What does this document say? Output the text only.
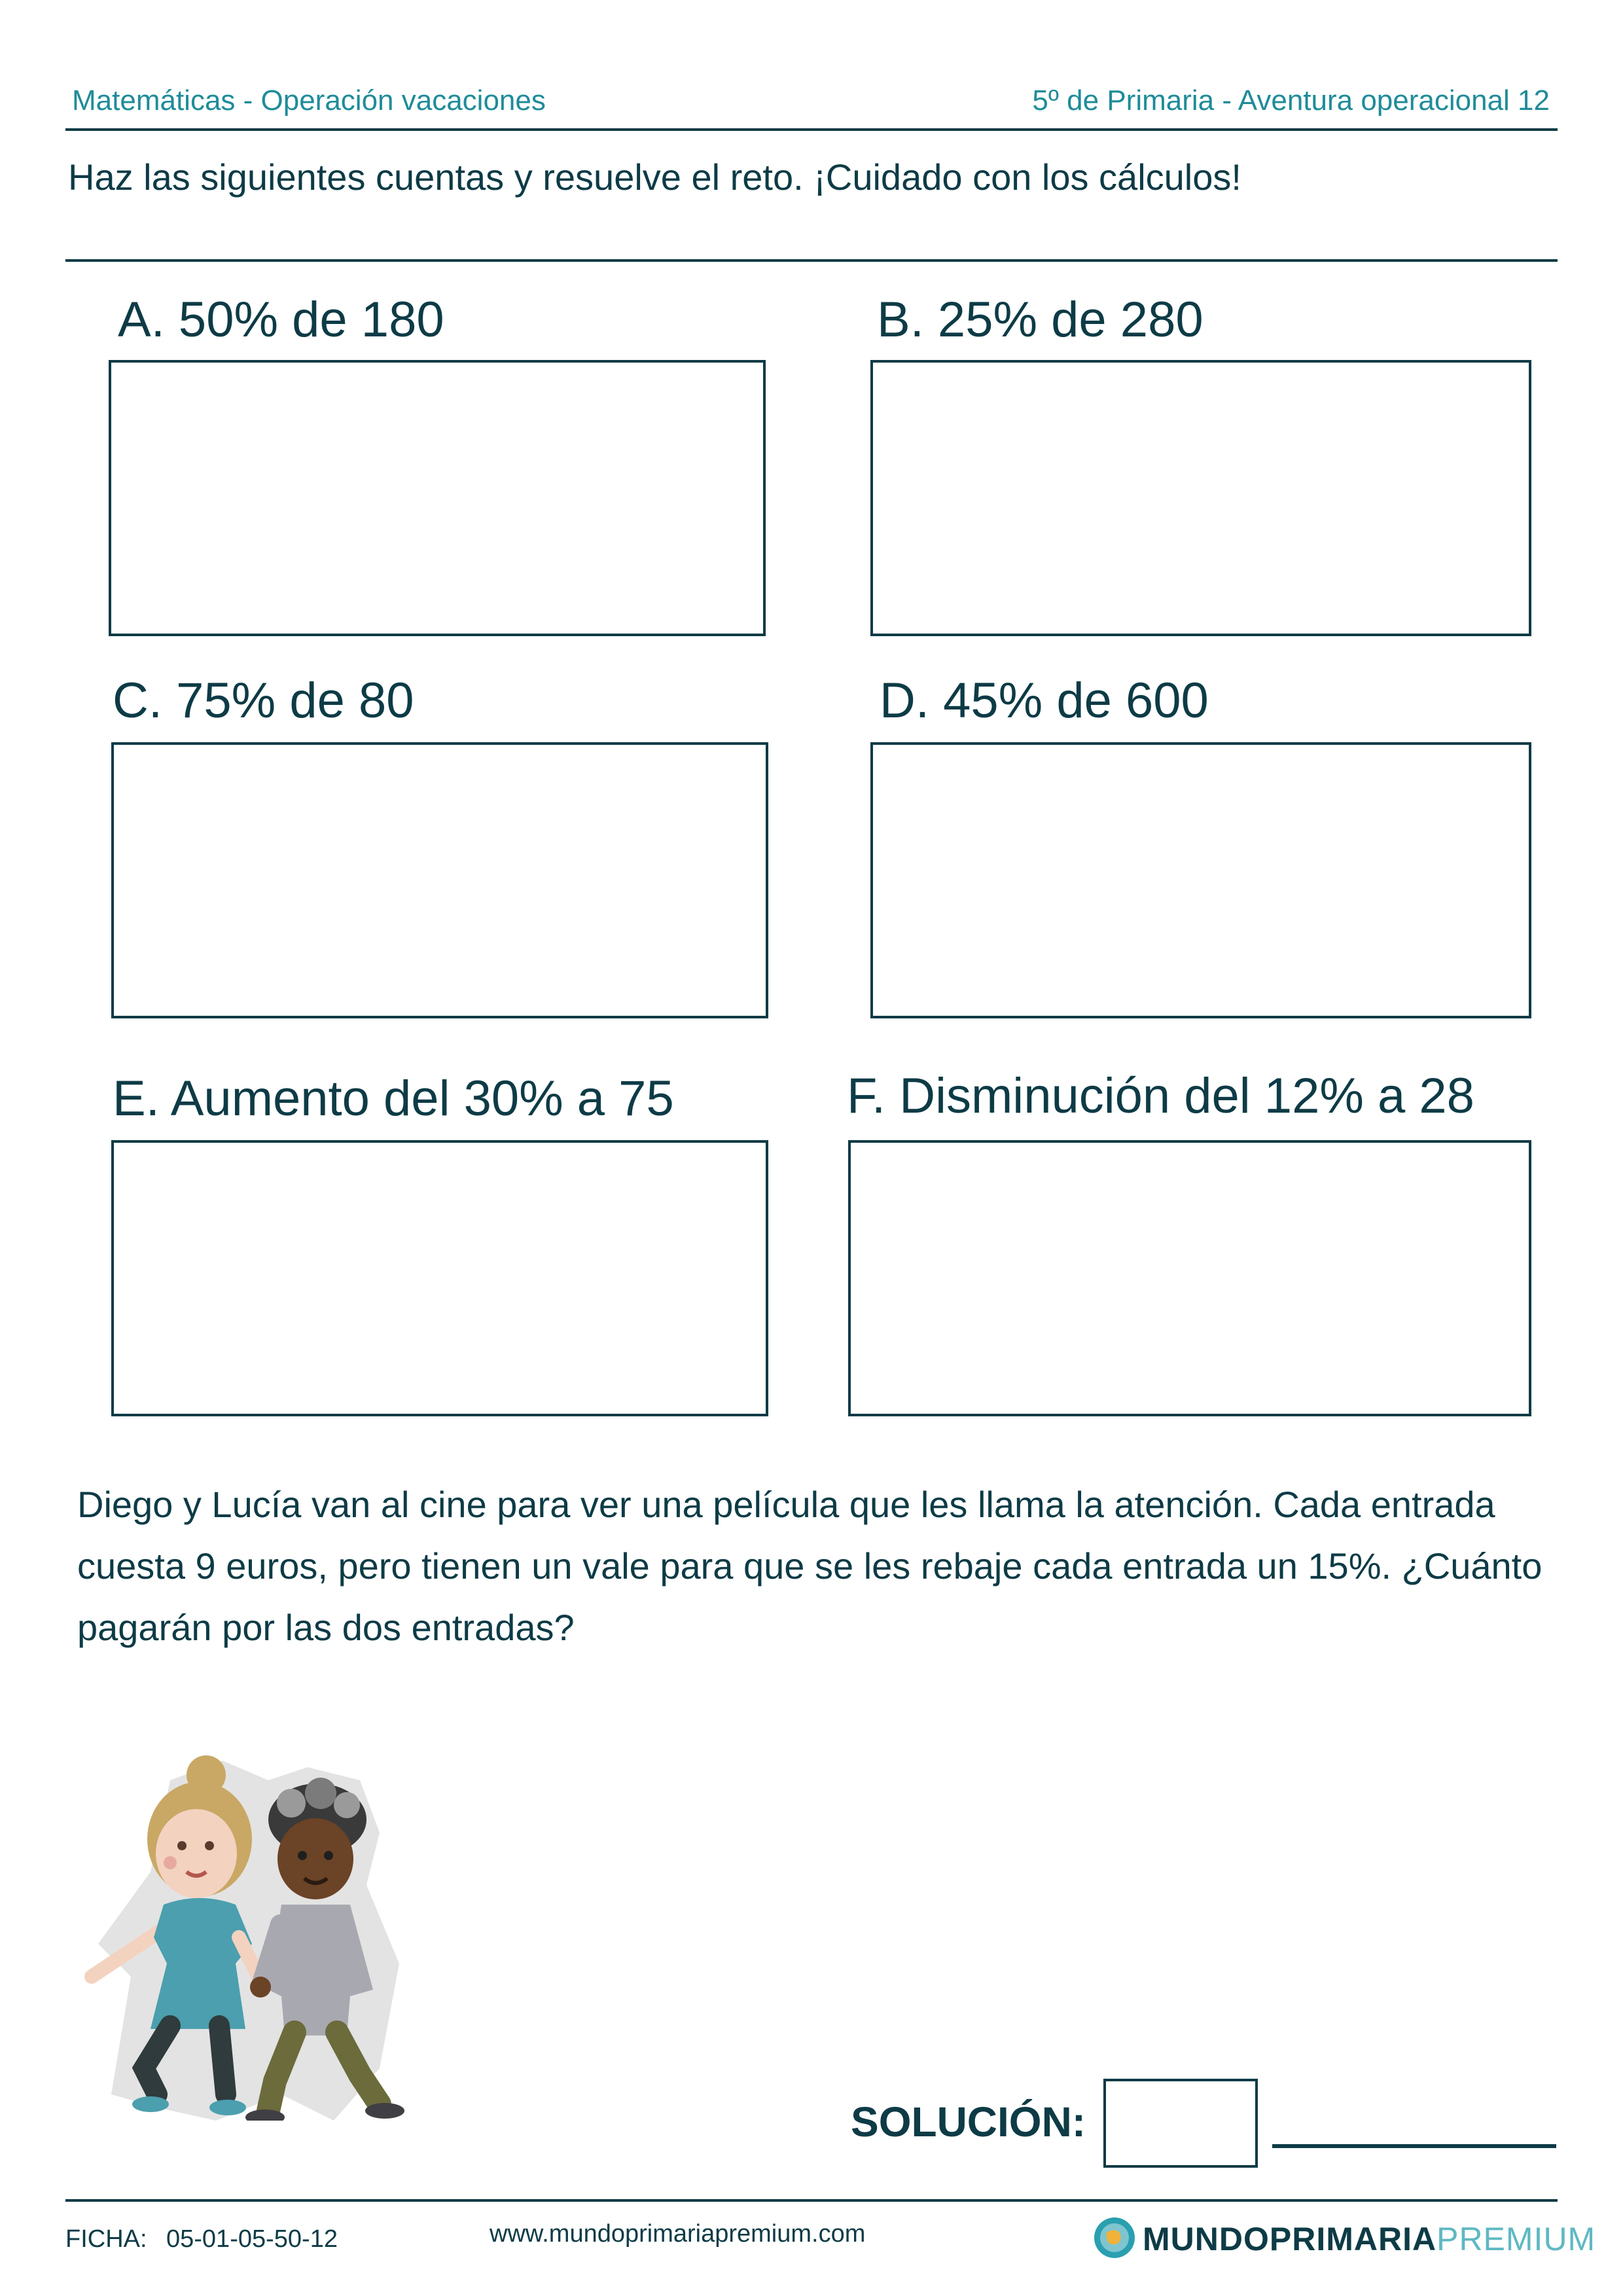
Matemáticas - Operación vacaciones	5º de Primaria - Aventura operacional 12
Haz las siguientes cuentas y resuelve el reto. ¡Cuidado con los cálculos!
A. 50% de 180	B. 25% de 280
C. 75% de 80	D. 45% de 600
E. Aumento del 30% a 75	F. Disminución del 12% a 28
Diego y Lucía van al cine para ver una película que les llama la atención. Cada entrada cuesta 9 euros, pero tienen un vale para que se les rebaje cada entrada un 15%. ¿Cuánto pagarán por las dos entradas?
SOLUCIÓN:
FICHA: 05-01-05-50-12	www.mundoprimariapremium.com	MUNDOPRIMARIAPREMIUM
